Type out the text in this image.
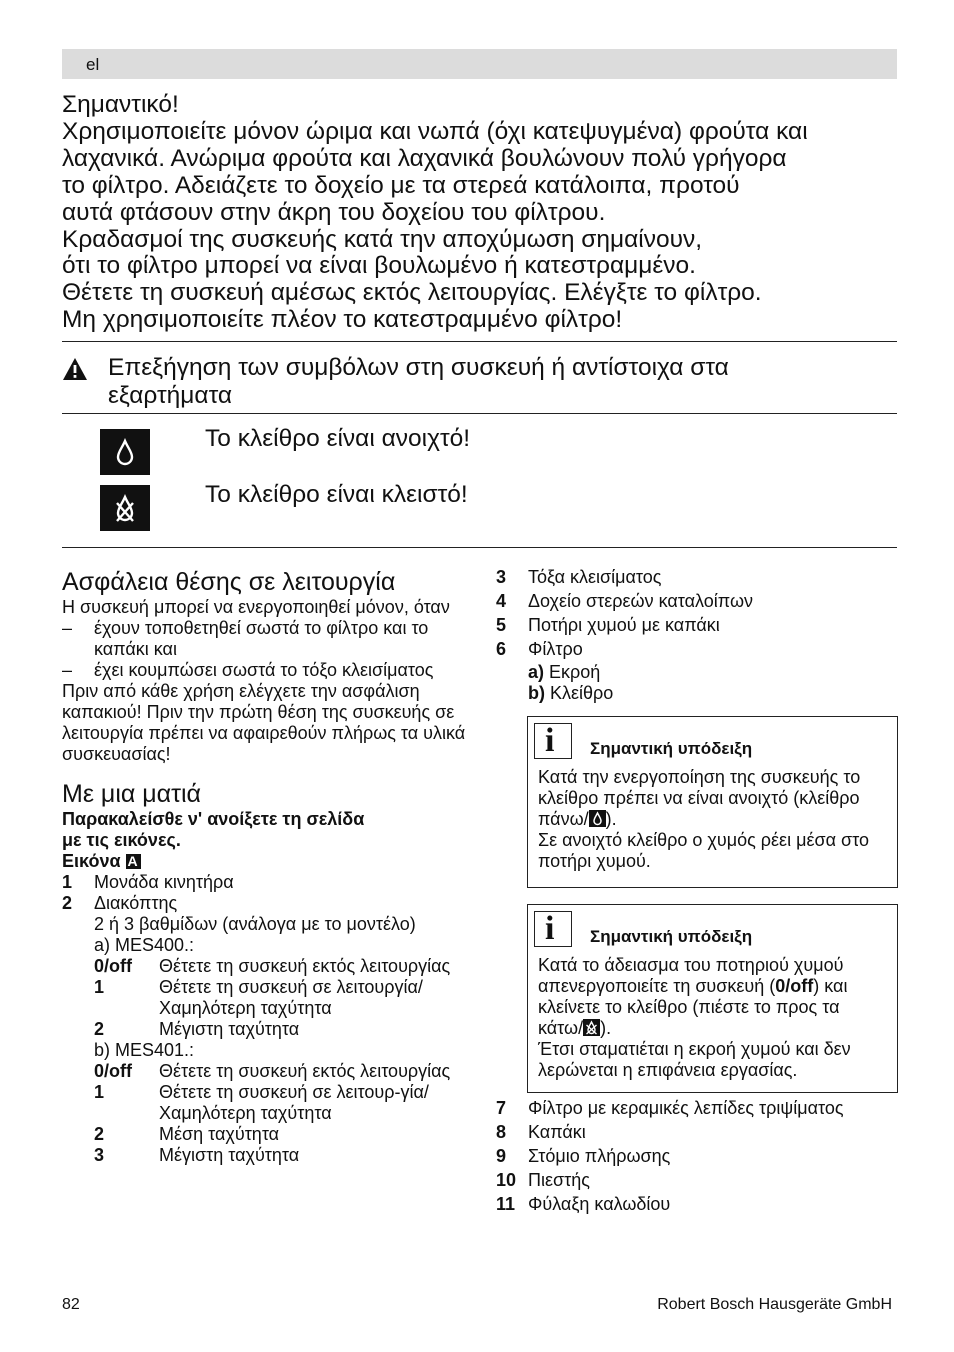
el

Σημαντικό!

Χρησιμοποιείτε μόνον ώριμα και νωπά (όχι κατεψυγμένα) φρούτα και

λαχανικά. Ανώριμα φρούτα και λαχανικά βουλώνουν πολύ γρήγορα

το φίλτρο. Αδειάζετε το δοχείο με τα στερεά κατάλοιπα, προτού

αυτά φτάσουν στην άκρη του δοχείου του φίλτρου.

Κραδασμοί της συσκευής κατά την αποχύμωση σημαίνουν,

ότι το φίλτρο μπορεί να είναι βουλωμένο ή κατεστραμμένο.

Θέτετε τη συσκευή αμέσως εκτός λειτουργίας. Ελέγξτε το φίλτρο.

Μη χρησιμοποιείτε πλέον το κατεστραμμένο φίλτρο!

Επεξήγηση των συμβόλων στη συσκευή ή αντίστοιχα στα
εξαρτήματα
Το κλείθρο είναι ανοιχτό!
Το κλείθρο είναι κλειστό!
Ασφάλεια θέσης σε λειτουργία

Η συσκευή μπορεί να ενεργοποιηθεί μόνον, όταν

–	έχουν τοποθετηθεί σωστά το φίλτρο και το καπάκι και
–	έχει κουμπώσει σωστά το τόξο κλεισίματος

Πριν από κάθε χρήση ελέγχετε την ασφάλιση καπακιού! Πριν την πρώτη θέση της συσκευής σε λειτουργία πρέπει να αφαιρεθούν πλήρως τα υλικά συσκευασίας!

Με μια ματιά

Παρακαλείσθε ν' ανοίξετε τη σελίδα

με τις εικόνες.

Εικόνα A

1	Μονάδα κινητήρα
2	Διακόπτης

2 ή 3 βαθμίδων (ανάλογα με το μοντέλο)

a) MES400.:

0/off	Θέτετε τη συσκευή εκτός λειτουργίας
1	Θέτετε τη συσκευή σε λειτουργία/Χαμηλότερη ταχύτητα
2	Μέγιστη ταχύτητα

b) MES401.:

0/off	Θέτετε τη συσκευή εκτός λειτουργίας
1	Θέτετε τη συσκευή σε λειτουρ-γία/Χαμηλότερη ταχύτητα
2	Μέση ταχύτητα
3	Μέγιστη ταχύτητα
3	Τόξα κλεισίματος
4	Δοχείο στερεών καταλοίπων
5	Ποτήρι χυμού με καπάκι
6	Φίλτρο

a) Εκροή

b) Κλείθρο

i Σημαντική υπόδειξη
Κατά την ενεργοποίηση της συσκευής το κλείθρο πρέπει να είναι ανοιχτό (κλείθρο πάνω/ ).
Σε ανοιχτό κλείθρο ο χυμός ρέει μέσα στο ποτήρι χυμού.
i Σημαντική υπόδειξη
Κατά το άδειασμα του ποτηριού χυμού απενεργοποιείτε τη συσκευή (0/off) και κλείνετε το κλείθρο (πιέστε το προς τα κάτω/ ).
Έτσι σταματιέται η εκροή χυμού και δεν λερώνεται η επιφάνεια εργασίας.
7	Φίλτρο με κεραμικές λεπίδες τριψίματος
8	Καπάκι
9	Στόμιο πλήρωσης
10 Πιεστής
11 Φύλαξη καλωδίου
82	Robert Bosch Hausgeräte GmbH
